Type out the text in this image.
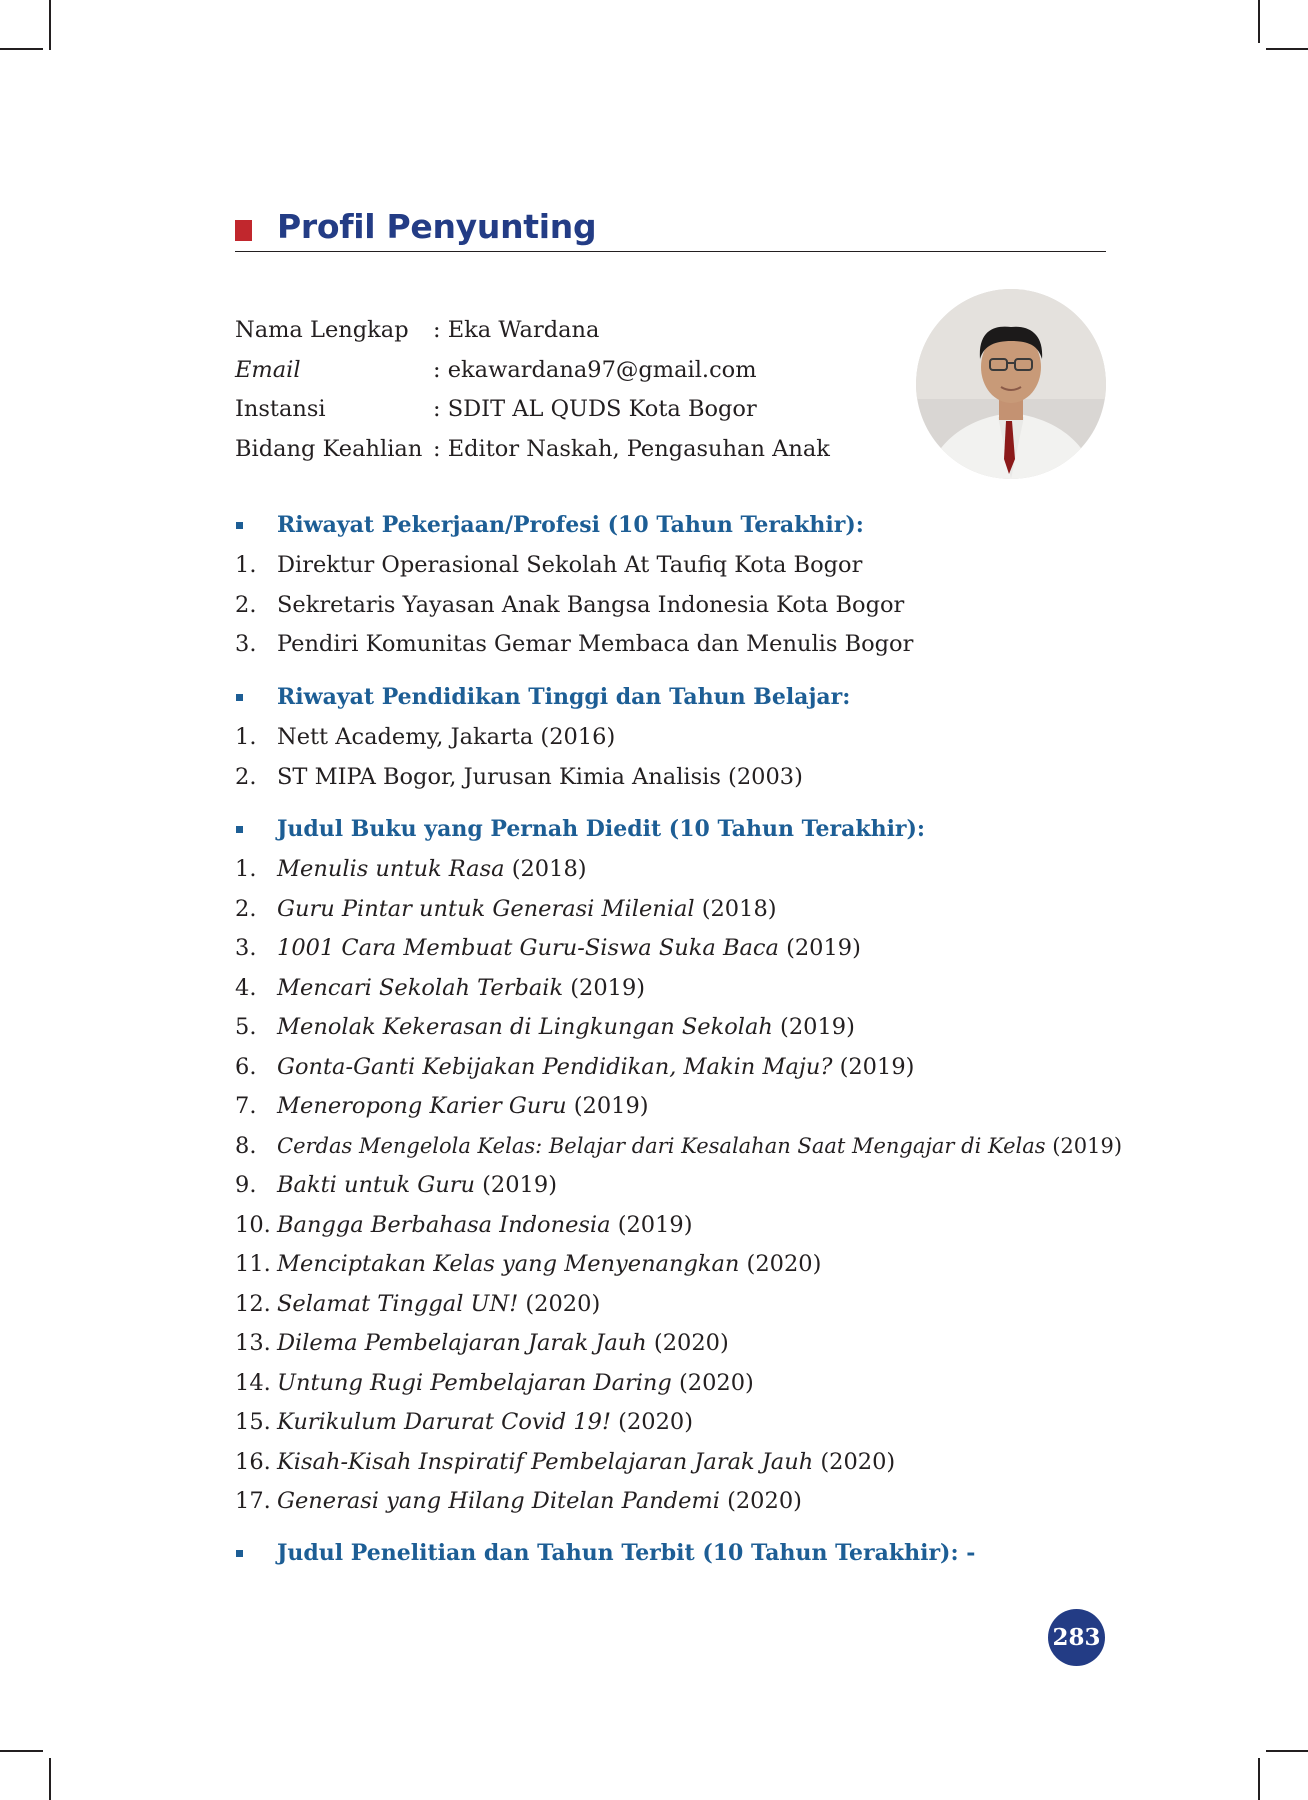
Profil Penyunting
Nama Lengkap : Eka Wardana
Email	: ekawardana97@gmail.com
Instansi	: SDIT AL QUDS Kota Bogor
Bidang Keahlian : Editor Naskah, Pengasuhan Anak
Riwayat Pekerjaan/Profesi (10 Tahun Terakhir):
1. Direktur Operasional Sekolah At Taufiq Kota Bogor
2. Sekretaris Yayasan Anak Bangsa Indonesia Kota Bogor
3. Pendiri Komunitas Gemar Membaca dan Menulis Bogor
Riwayat Pendidikan Tinggi dan Tahun Belajar:
1. Nett Academy, Jakarta (2016)
2. ST MIPA Bogor, Jurusan Kimia Analisis (2003)
Judul Buku yang Pernah Diedit (10 Tahun Terakhir):
1. Menulis untuk Rasa (2018)
2. Guru Pintar untuk Generasi Milenial (2018)
3. 1001 Cara Membuat Guru-Siswa Suka Baca (2019)
4. Mencari Sekolah Terbaik (2019)
5. Menolak Kekerasan di Lingkungan Sekolah (2019)
6. Gonta-Ganti Kebijakan Pendidikan, Makin Maju? (2019)
7. Meneropong Karier Guru (2019)
8. Cerdas Mengelola Kelas: Belajar dari Kesalahan Saat Mengajar di Kelas (2019)
9. Bakti untuk Guru (2019)
10. Bangga Berbahasa Indonesia (2019)
11. Menciptakan Kelas yang Menyenangkan (2020)
12. Selamat Tinggal UN! (2020)
13. Dilema Pembelajaran Jarak Jauh (2020)
14. Untung Rugi Pembelajaran Daring (2020)
15. Kurikulum Darurat Covid 19! (2020)
16. Kisah-Kisah Inspiratif Pembelajaran Jarak Jauh (2020)
17. Generasi yang Hilang Ditelan Pandemi (2020)
Judul Penelitian dan Tahun Terbit (10 Tahun Terakhir): -
283
